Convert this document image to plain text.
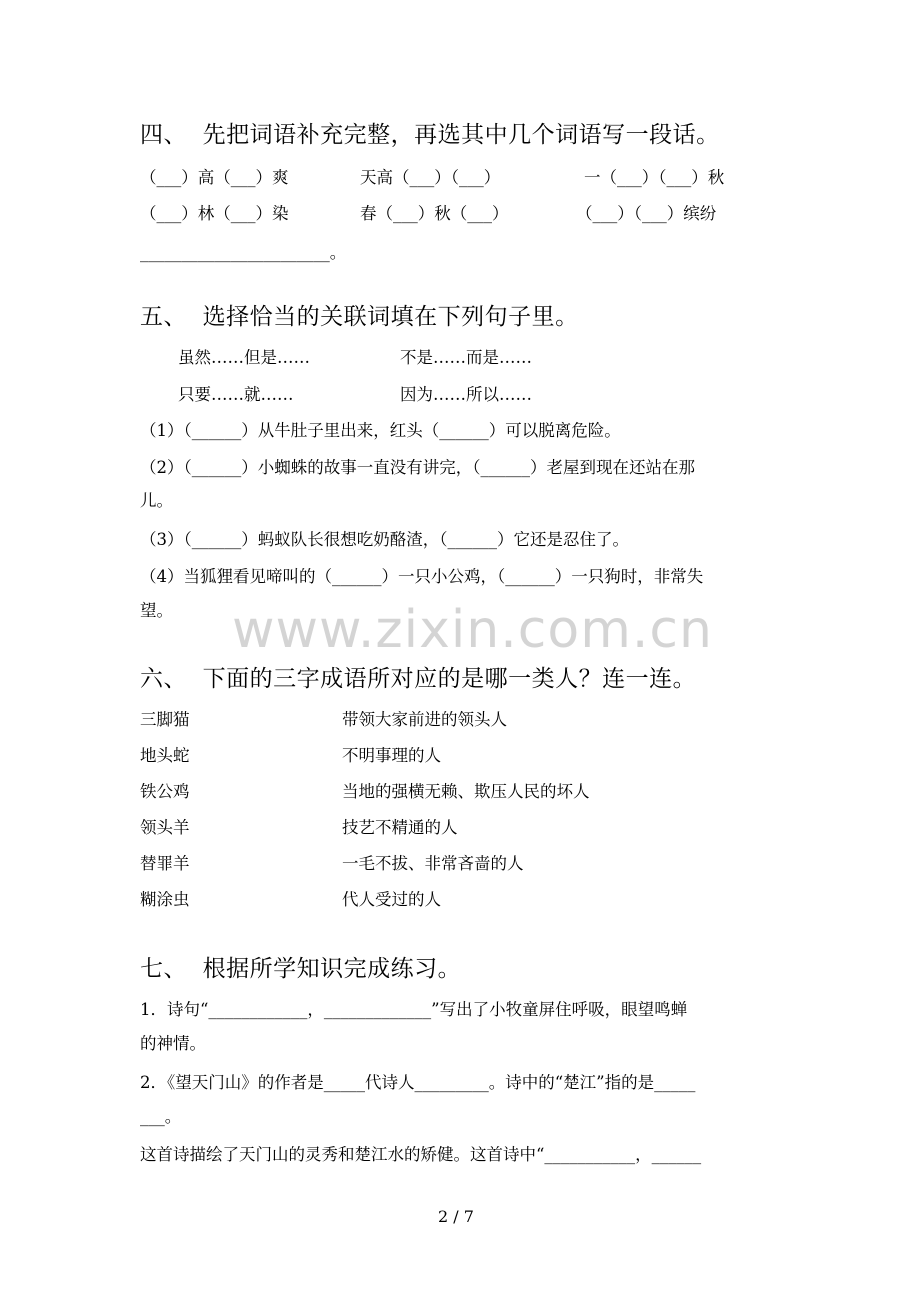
www.zixin.com.cn
四、  先把词语补充完整，再选其中几个词语写一段话。
（___）高（___）爽	天高（___）（___）	一（___）（___）秋
（___）林（___）染	春（___）秋（___）	（___）（___）缤纷
_______________________。
五、  选择恰当的关联词填在下列句子里。
虽然……但是……	不是……而是……
只要……就……	因为……所以……
（1）（______）从牛肚子里出来，红头（______）可以脱离危险。
（2）（______）小蜘蛛的故事一直没有讲完，（______）老屋到现在还站在那
儿。
（3）（______）蚂蚁队长很想吃奶酪渣，（______）它还是忍住了。
（4）当狐狸看见啼叫的（______）一只小公鸡，（______）一只狗时，非常失
望。
六、  下面的三字成语所对应的是哪一类人？连一连。
三脚猫	带领大家前进的领头人
地头蛇	不明事理的人
铁公鸡	当地的强横无赖、欺压人民的坏人
领头羊	技艺不精通的人
替罪羊	一毛不拔、非常吝啬的人
糊涂虫	代人受过的人
七、  根据所学知识完成练习。
1．诗句“____________，_____________”写出了小牧童屏住呼吸，眼望鸣蝉
的神情。
2．《望天门山》的作者是_____代诗人_________。诗中的“楚江”指的是_____
___。
这首诗描绘了天门山的灵秀和楚江水的矫健。这首诗中“___________，______
2 / 7
